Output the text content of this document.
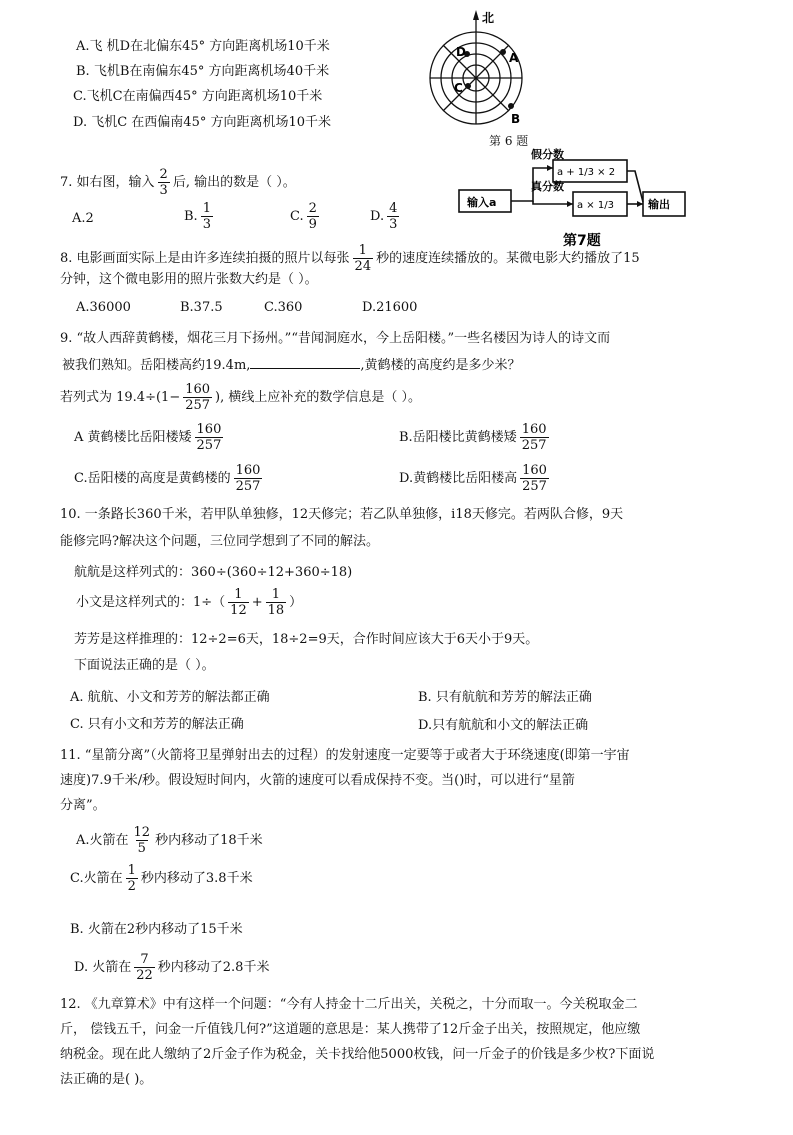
A.飞 机D在北偏东45° 方向距离机场10千米
B. 飞机B在南偏东45° 方向距离机场40千米
C.飞机C在南偏西45° 方向距离机场10千米
D. 飞机C 在西偏南45° 方向距离机场10千米
北
D	A
C
B
第 6 题
7. 如右图，输入 $\frac{2}{3}$ 后, 输出的数是（ ）。
A.2	B. $\frac{1}{3}$	C. $\frac{2}{9}$	D. $\frac{4}{3}$	输入a
假分数
真分数
a + 1/3 × 2
a × 1/3	输出
第7题
8. 电影画面实际上是由许多连续拍摄的照片以每张 $\frac{1}{24}$ 秒的速度连续播放的。某微电影大约播放了15
分钟，这个微电影用的照片张数大约是（ ）。
A.36000	B.37.5	C.360	D.21600
9. “故人西辞黄鹤楼，烟花三月下扬州。”“昔闻洞庭水，今上岳阳楼。”一些名楼因为诗人的诗文而
被我们熟知。岳阳楼高约19.4m,	,黄鹤楼的高度约是多少米？
若列式为 $19.4\div(1- \frac{160}{257}$ ), 横线上应补充的数学信息是（ ）。
A 黄鹤楼比岳阳楼矮 $\frac{160}{257}$	B.岳阳楼比黄鹤楼矮 $\frac{160}{257}$
C.岳阳楼的高度是黄鹤楼的 $\frac{160}{257}$	D.黄鹤楼比岳阳楼高 $\frac{160}{257}$
10. 一条路长360千米，若甲队单独修，12天修完；若乙队单独修，i18天修完。若两队合修，9天
能修完吗?解决这个问题，三位同学想到了不同的解法。
航航是这样列式的：360÷(360÷12+360÷18)
小文是这样列式的：$1\div( \frac{1}{12} + \frac{1}{18}$ ）
芳芳是这样推理的：12÷2=6天，18÷2=9天，合作时间应该大于6天小于9天。
下面说法正确的是（ ）。
A. 航航、小文和芳芳的解法都正确	B. 只有航航和芳芳的解法正确
C. 只有小文和芳芳的解法正确	D.只有航航和小文的解法正确
11. “星箭分离”（火箭将卫星弹射出去的过程）的发射速度一定要等于或者大于环绕速度(即第一宇宙
速度)7.9千米/秒。假设短时间内，火箭的速度可以看成保持不变。当()时，可以进行“星箭
分离”。
A.火箭在 $\frac{12}{5}$ 秒内移动了18千米
C.火箭在 $\frac{1}{2}$ 秒内移动了3.8千米
B. 火箭在2秒内移动了15千米
D. 火箭在 $\frac{7}{22}$ 秒内移动了2.8千米
12. 《九章算术》中有这样一个问题：“今有人持金十二斤出关，关税之，十分而取一。今关税取金二
斤， 偿钱五千，问金一斤值钱几何?”这道题的意思是：某人携带了12斤金子出关，按照规定，他应缴
纳税金。现在此人缴纳了2斤金子作为税金，关卡找给他5000枚钱，问一斤金子的价钱是多少枚?下面说
法正确的是( )。
